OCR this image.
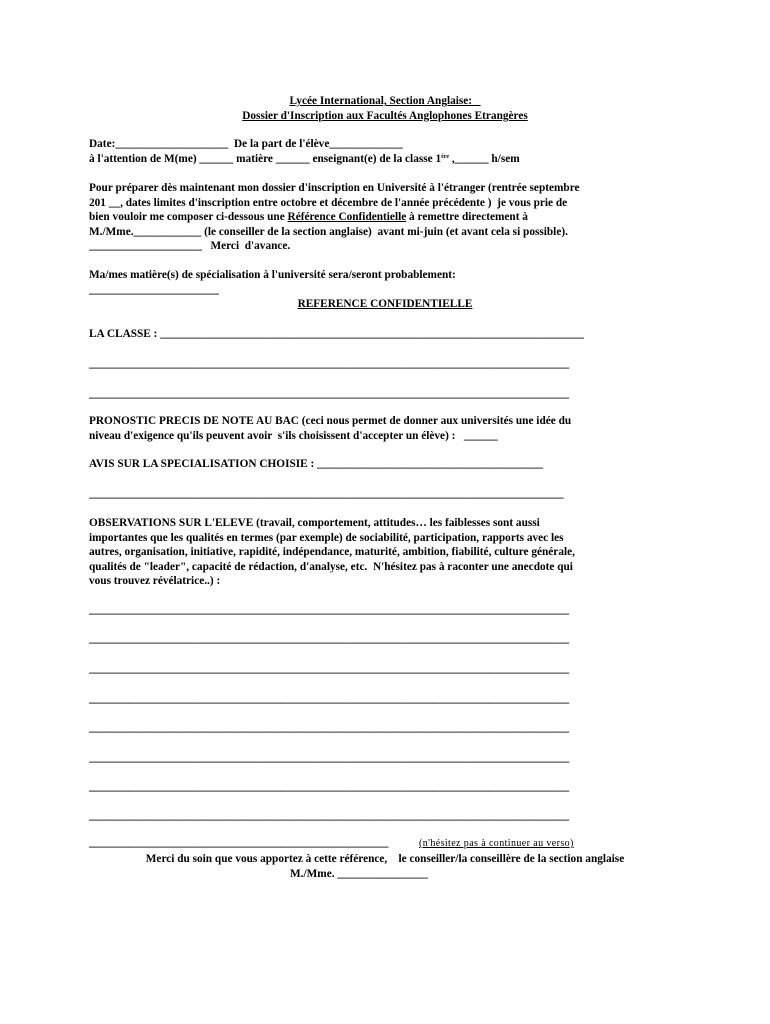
Lycée International, Section Anglaise:
Dossier d'Inscription aux Facultés Anglophones Etrangères
Date:____________________  De la part de l'élève_____________
à l'attention de M(me) ______ matière ______ enseignant(e) de la classe 1ère ,______ h/sem
Pour préparer dès maintenant mon dossier d'inscription en Université à l'étranger (rentrée septembre
201 __, dates limites d'inscription entre octobre et décembre de l'année précédente )  je vous prie de
bien vouloir me composer ci-dessous une Référence Confidentielle à remettre directement à
M./Mme.____________ (le conseiller de la section anglaise)  avant mi-juin (et avant cela si possible).
____________________   Merci  d'avance.
Ma/mes matière(s) de spécialisation à l'université sera/seront probablement:
_______________________
REFERENCE CONFIDENTIELLE
LA CLASSE : ___________________________________________________________________________
_____________________________________________________________________________________
_____________________________________________________________________________________
PRONOSTIC PRECIS DE NOTE AU BAC (ceci nous permet de donner aux universités une idée du
niveau d'exigence qu'ils peuvent avoir  s'ils choisissent d'accepter un élève) :   ______
AVIS SUR LA SPECIALISATION CHOISIE : ________________________________________
____________________________________________________________________________________
OBSERVATIONS SUR L'ELEVE (travail, comportement, attitudes… les faiblesses sont aussi
importantes que les qualités en termes (par exemple) de sociabilité, participation, rapports avec les
autres, organisation, initiative, rapidité, indépendance, maturité, ambition, fiabilité, culture générale,
qualités de "leader", capacité de rédaction, d'analyse, etc.  N'hésitez pas à raconter une anecdote qui
vous trouvez révélatrice..) :
_____________________________________________________________________________________
_____________________________________________________________________________________
_____________________________________________________________________________________
_____________________________________________________________________________________
_____________________________________________________________________________________
_____________________________________________________________________________________
_____________________________________________________________________________________
_____________________________________________________________________________________
_____________________________________________________	(n'hésitez pas à continuer au verso)
Merci du soin que vous apportez à cette référence,    le conseiller/la conseillère de la section anglaise
M./Mme. ________________
